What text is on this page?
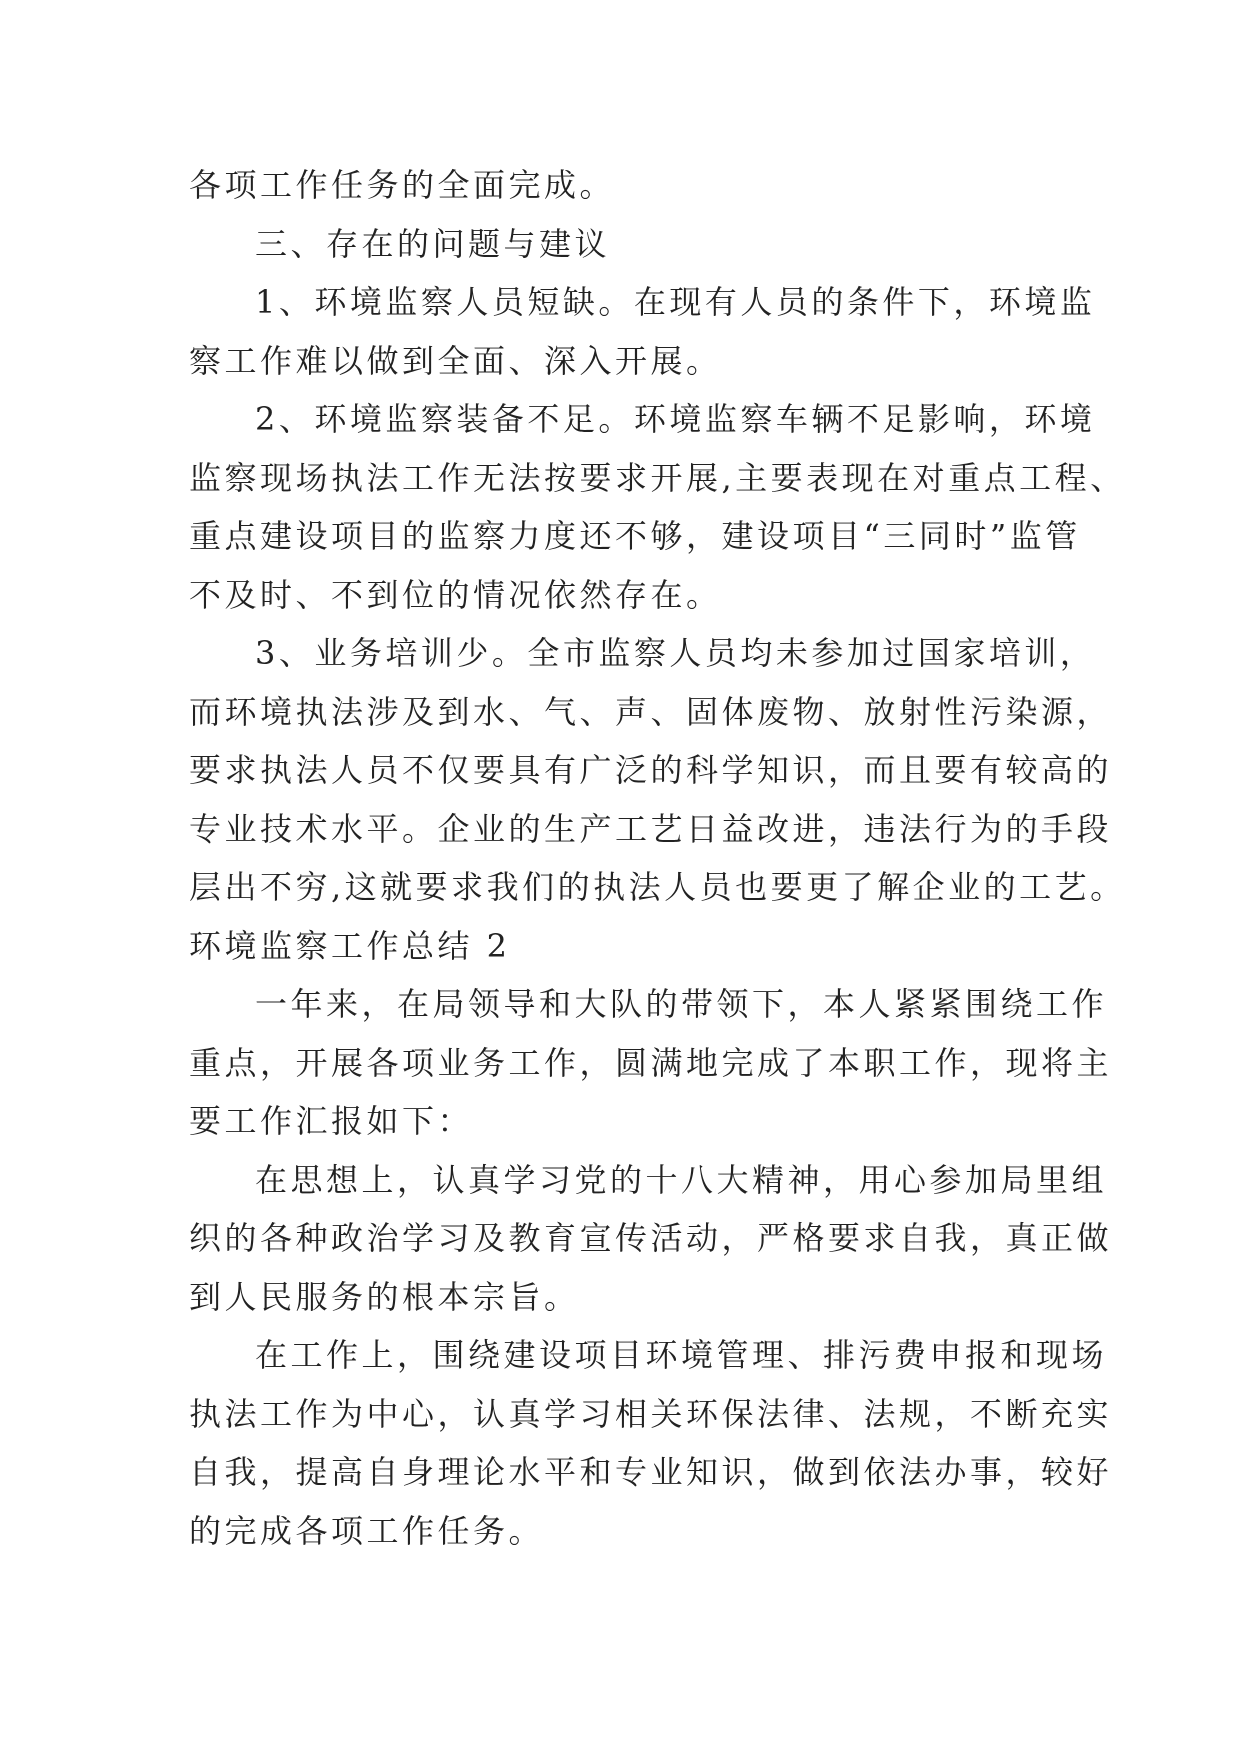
各项工作任务的全面完成。

三、存在的问题与建议

1、环境监察人员短缺。在现有人员的条件下，环境监

察工作难以做到全面、深入开展。

2、环境监察装备不足。环境监察车辆不足影响，环境

监察现场执法工作无法按要求开展,主要表现在对重点工程、

重点建设项目的监察力度还不够，建设项目“三同时”监管

不及时、不到位的情况依然存在。

3、业务培训少。全市监察人员均未参加过国家培训，

而环境执法涉及到水、气、声、固体废物、放射性污染源，

要求执法人员不仅要具有广泛的科学知识，而且要有较高的

专业技术水平。企业的生产工艺日益改进，违法行为的手段

层出不穷,这就要求我们的执法人员也要更了解企业的工艺。

环境监察工作总结 2

一年来，在局领导和大队的带领下，本人紧紧围绕工作

重点，开展各项业务工作，圆满地完成了本职工作，现将主

要工作汇报如下：

在思想上，认真学习党的十八大精神，用心参加局里组

织的各种政治学习及教育宣传活动，严格要求自我，真正做

到人民服务的根本宗旨。

在工作上，围绕建设项目环境管理、排污费申报和现场

执法工作为中心，认真学习相关环保法律、法规，不断充实

自我，提高自身理论水平和专业知识，做到依法办事，较好

的完成各项工作任务。
